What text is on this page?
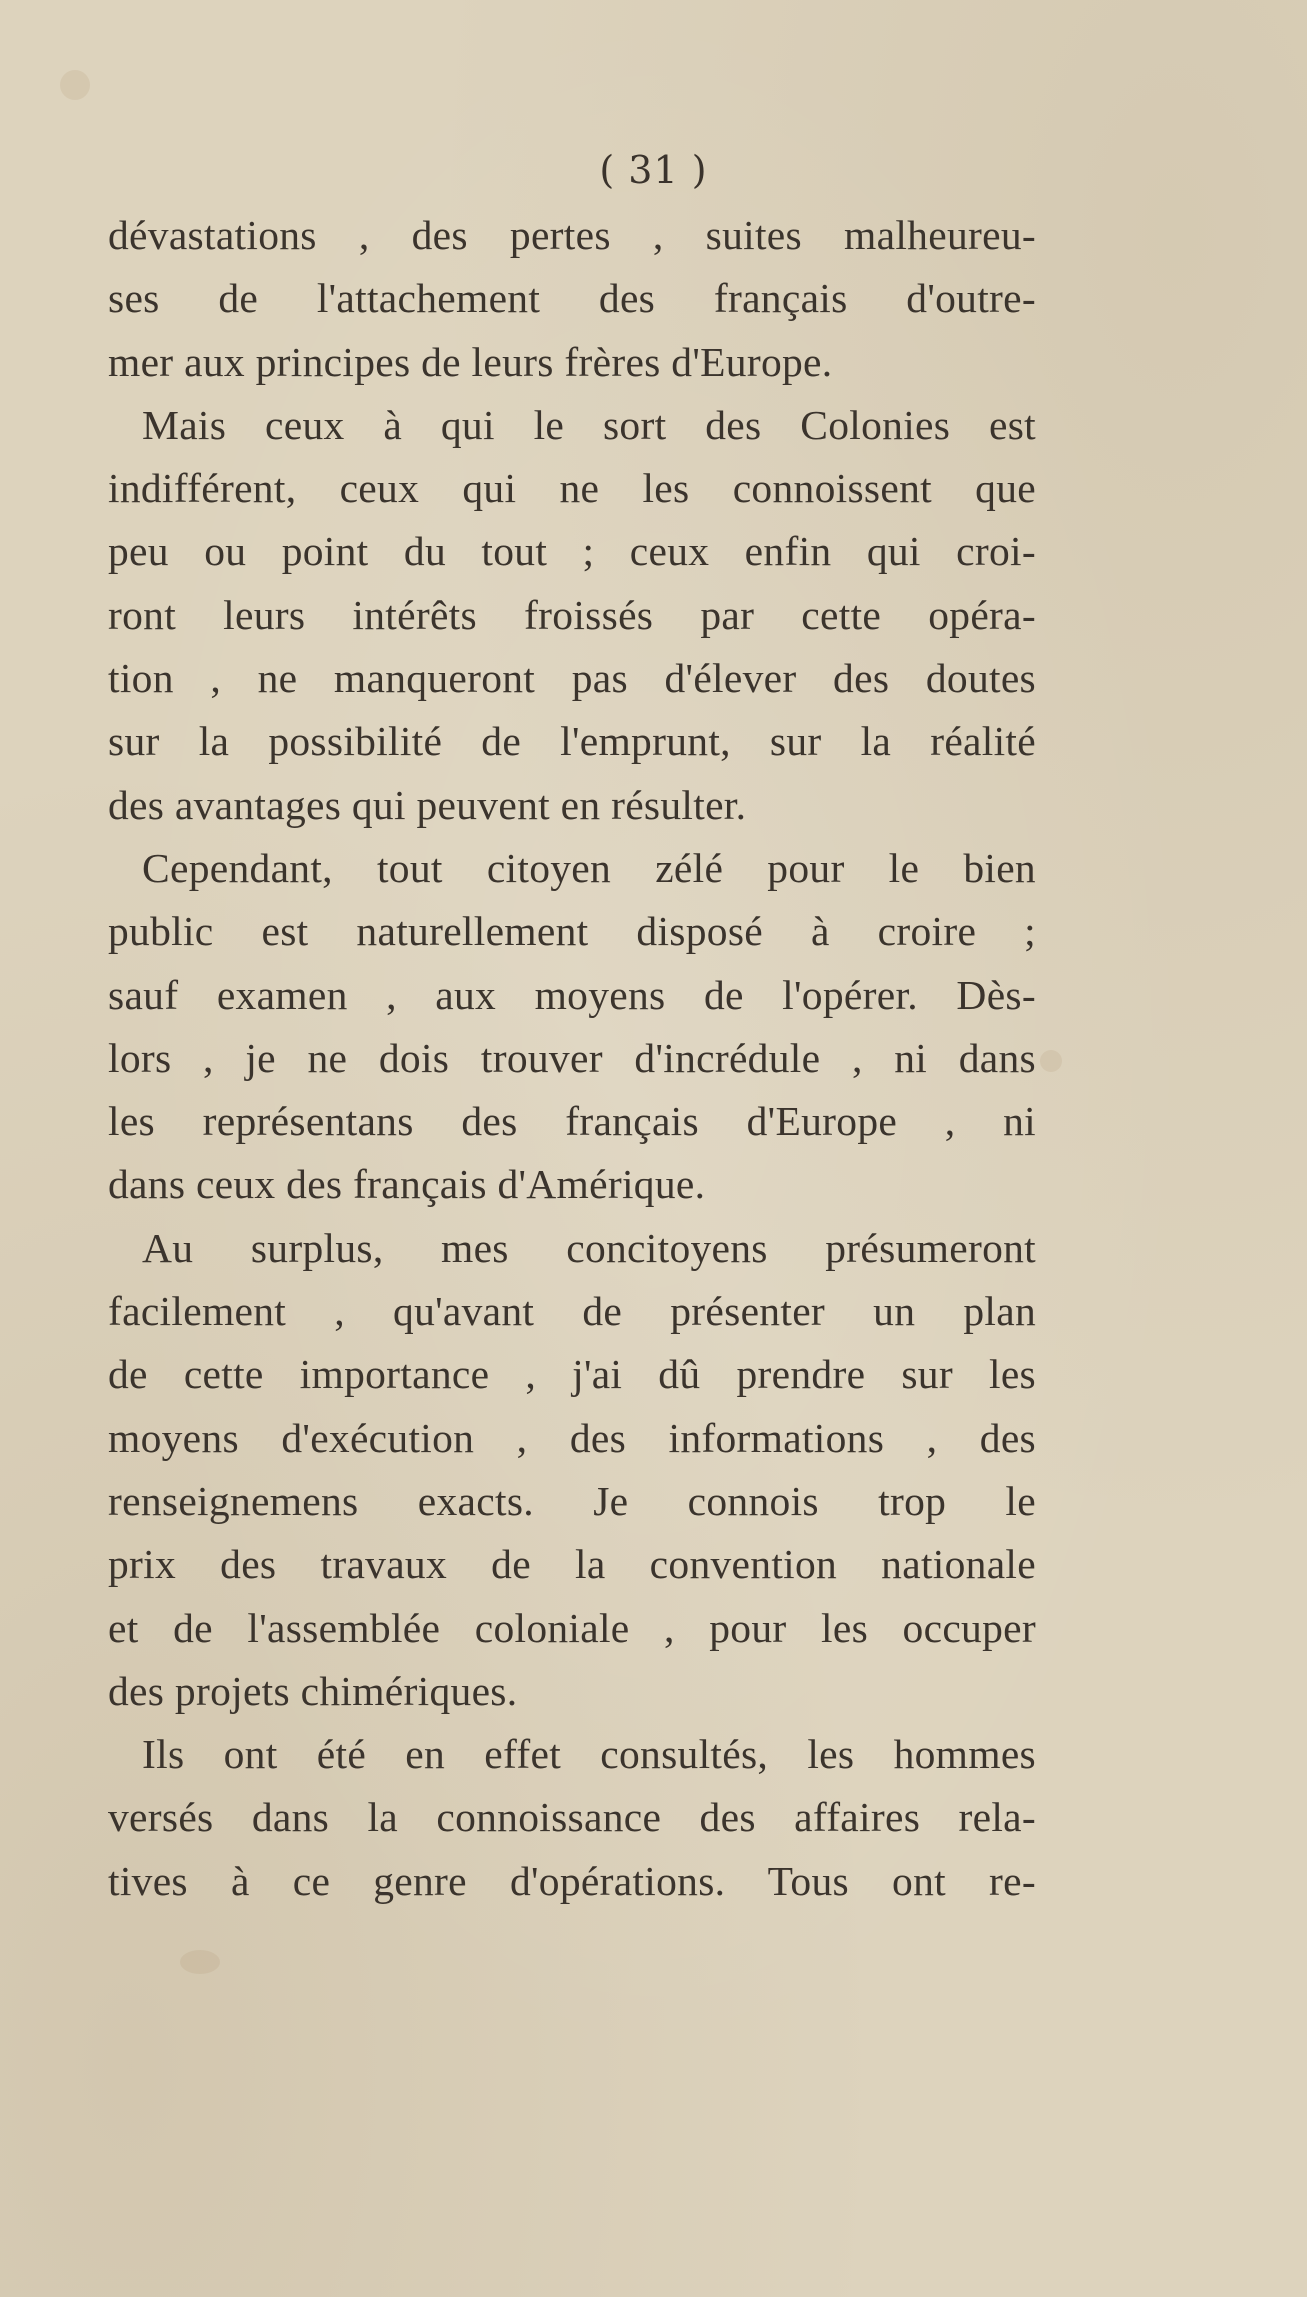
( 31 )
dévastations , des pertes , suites malheureu-
ses de l'attachement des français d'outre-
mer aux principes de leurs frères d'Europe.
Mais ceux à qui le sort des Colonies est
indifférent, ceux qui ne les connoissent que
peu ou point du tout ; ceux enfin qui croi-
ront leurs intérêts froissés par cette opéra-
tion , ne manqueront pas d'élever des doutes
sur la possibilité de l'emprunt, sur la réalité
des avantages qui peuvent en résulter.
Cependant, tout citoyen zélé pour le bien
public est naturellement disposé à croire ;
sauf examen , aux moyens de l'opérer. Dès-
lors , je ne dois trouver d'incrédule , ni dans
les représentans des français d'Europe , ni
dans ceux des français d'Amérique.
Au surplus, mes concitoyens présumeront
facilement , qu'avant de présenter un plan
de cette importance , j'ai dû prendre sur les
moyens d'exécution , des informations , des
renseignemens exacts. Je connois trop le
prix des travaux de la convention nationale
et de l'assemblée coloniale , pour les occuper
des projets chimériques.
Ils ont été en effet consultés, les hommes
versés dans la connoissance des affaires rela-
tives à ce genre d'opérations. Tous ont re-
